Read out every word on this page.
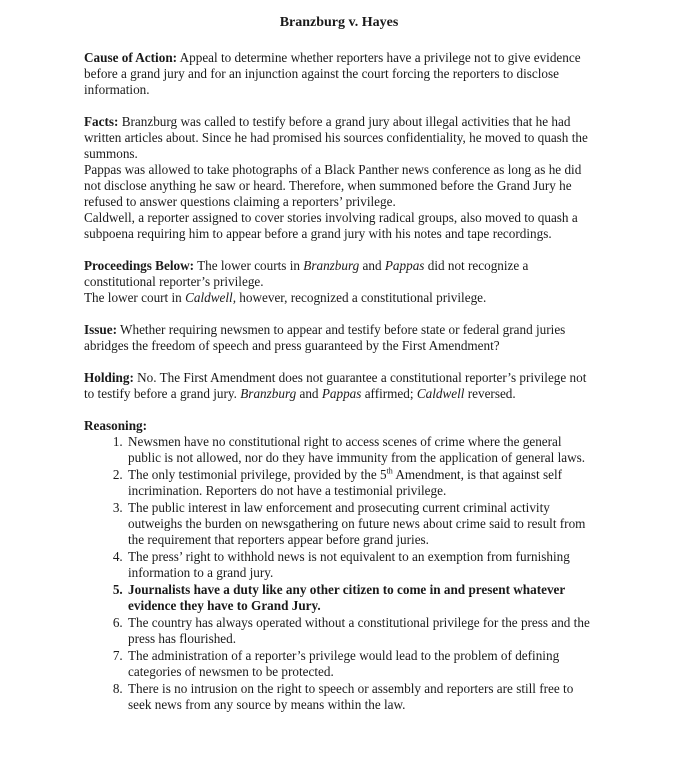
Branzburg v. Hayes

Cause of Action: Appeal to determine whether reporters have a privilege not to give evidence before a grand jury and for an injunction against the court forcing the reporters to disclose information.

Facts: Branzburg was called to testify before a grand jury about illegal activities that he had written articles about. Since he had promised his sources confidentiality, he moved to quash the summons.

Pappas was allowed to take photographs of a Black Panther news conference as long as he did not disclose anything he saw or heard. Therefore, when summoned before the Grand Jury he refused to answer questions claiming a reporters’ privilege.

Caldwell, a reporter assigned to cover stories involving radical groups, also moved to quash a subpoena requiring him to appear before a grand jury with his notes and tape recordings.

Proceedings Below: The lower courts in Branzburg and Pappas did not recognize a constitutional reporter’s privilege.

The lower court in Caldwell, however, recognized a constitutional privilege.

Issue: Whether requiring newsmen to appear and testify before state or federal grand juries abridges the freedom of speech and press guaranteed by the First Amendment?

Holding: No. The First Amendment does not guarantee a constitutional reporter’s privilege not to testify before a grand jury. Branzburg and Pappas affirmed; Caldwell reversed.

Reasoning:

1. Newsmen have no constitutional right to access scenes of crime where the general public is not allowed, nor do they have immunity from the application of general laws.
2. The only testimonial privilege, provided by the 5th Amendment, is that against self incrimination. Reporters do not have a testimonial privilege.
3. The public interest in law enforcement and prosecuting current criminal activity outweighs the burden on newsgathering on future news about crime said to result from the requirement that reporters appear before grand juries.
4. The press’ right to withhold news is not equivalent to an exemption from furnishing information to a grand jury.
5. Journalists have a duty like any other citizen to come in and present whatever evidence they have to Grand Jury.
6. The country has always operated without a constitutional privilege for the press and the press has flourished.
7. The administration of a reporter’s privilege would lead to the problem of defining categories of newsmen to be protected.
8. There is no intrusion on the right to speech or assembly and reporters are still free to seek news from any source by means within the law.
